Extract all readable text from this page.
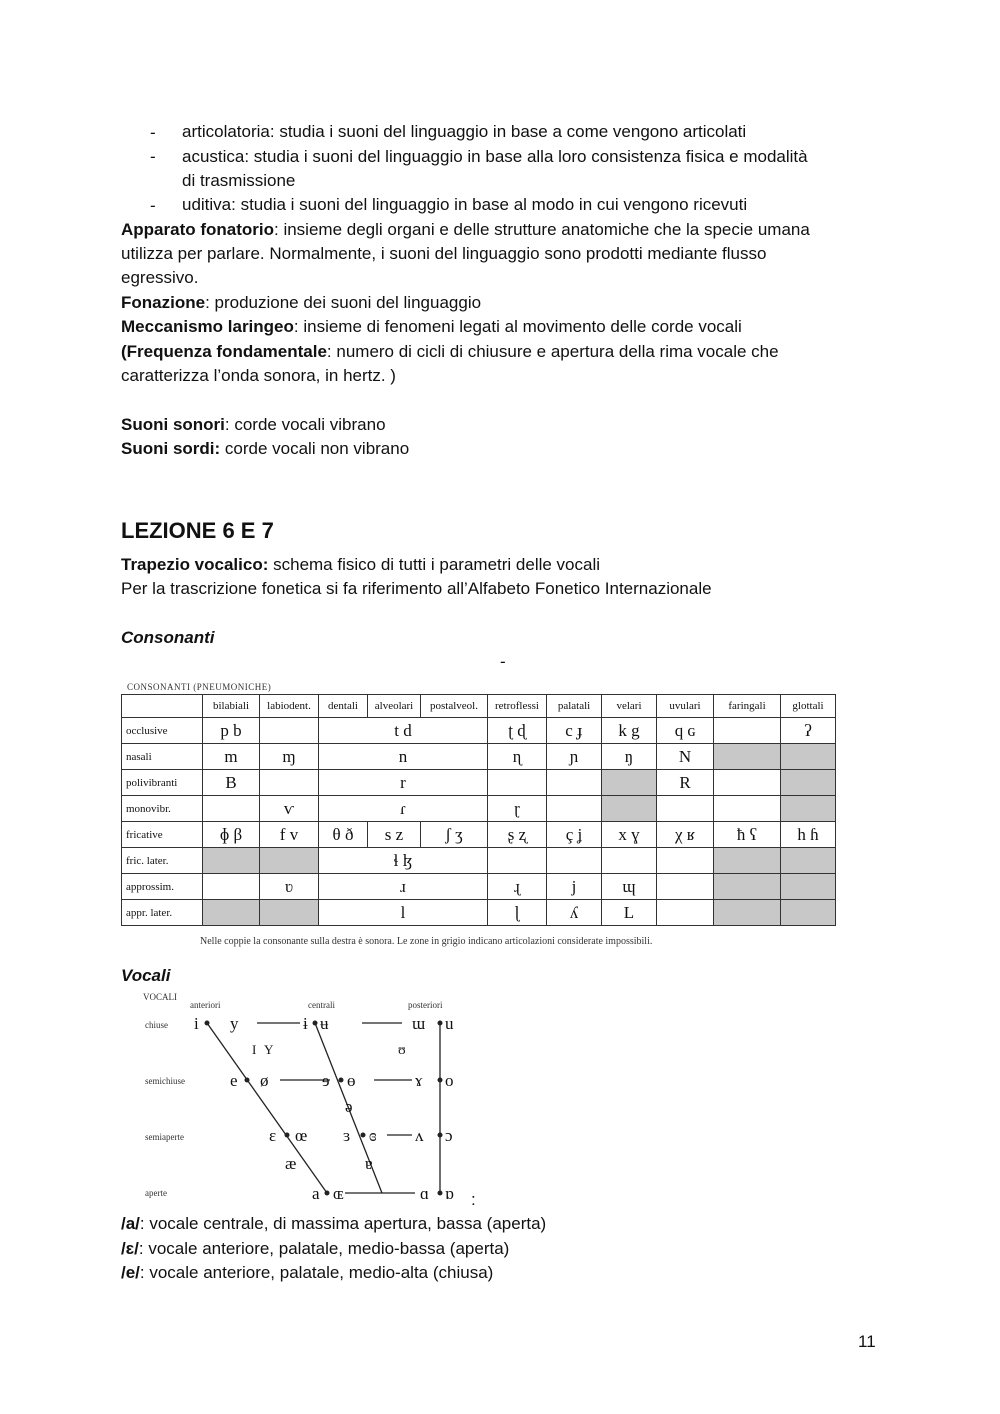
- articolatoria: studia i suoni del linguaggio in base a come vengono articolati
- acustica: studia i suoni del linguaggio in base alla loro consistenza fisica e modalità
di trasmissione
- uditiva: studia i suoni del linguaggio in base al modo in cui vengono ricevuti
Apparato fonatorio: insieme degli organi e delle strutture anatomiche che la specie umana
utilizza per parlare. Normalmente, i suoni del linguaggio sono prodotti mediante flusso
egressivo.
Fonazione: produzione dei suoni del linguaggio
Meccanismo laringeo: insieme di fenomeni legati al movimento delle corde vocali
(Frequenza fondamentale: numero di cicli di chiusure e apertura della rima vocale che
caratterizza l’onda sonora, in hertz. )
Suoni sonori: corde vocali vibrano
Suoni sordi: corde vocali non vibrano
LEZIONE 6 E 7
Trapezio vocalico: schema fisico di tutti i parametri delle vocali
Per la trascrizione fonetica si fa riferimento all’Alfabeto Fonetico Internazionale
Consonanti
-
CONSONANTI (PNEUMONICHE)
	bilabiali	labiodent.	dentali	alveolari	postalveol.	retroflessi	palatali	velari	uvulari	faringali	glottali
occlusive	p b		t d			ʈ ɖ	c ɟ	k g	q ɢ		ʔ
nasali	m	ɱ	n			ɳ	ɲ	ŋ	N		
polivibranti	B		r						R		
monovibr.		ⱱ	ɾ			ɽ					
fricative	ɸ β	f v	θ ð	s z	ʃ ʒ	ʂ ʐ	ç ʝ	x ɣ	χ ʁ	ħ ʕ	h ɦ
fric. later.			ɬ ɮ								
approssim.		ʋ	ɹ			ɻ	j	ɰ			
appr. later.			l			ɭ	ʎ	L			
Nelle coppie la consonante sulla destra è sonora. Le zone in grigio indicano articolazioni considerate impossibili.
Vocali
VOCALI
anteriori	centrali	posteriori
chiuse
semichiuse
semiaperte
aperte
i y	ɨ ʉ	ɯ u
I Y	ʊ
e ø	ɘ ɵ	ɤ o
ə
ɛ œ ɜ ɞ ʌ ɔ
æ	ɐ
a ɶ	ɑ ɒ :
/a/: vocale centrale, di massima apertura, bassa (aperta)
/ɛ/: vocale anteriore, palatale, medio-bassa (aperta)
/e/: vocale anteriore, palatale, medio-alta (chiusa)
11
